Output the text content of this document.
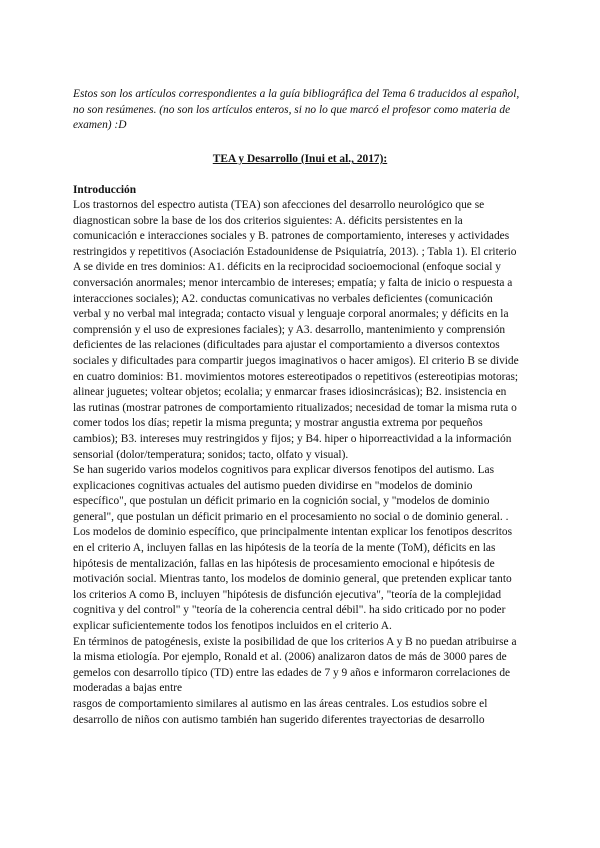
Estos son los artículos correspondientes a la guía bibliográfica del Tema 6 traducidos al español, no son resúmenes. (no son los artículos enteros, si no lo que marcó el profesor como materia de examen) :D
TEA y Desarrollo (Inui et al., 2017):
Introducción

Los trastornos del espectro autista (TEA) son afecciones del desarrollo neurológico que se diagnostican sobre la base de los dos criterios siguientes: A. déficits persistentes en la comunicación e interacciones sociales y B. patrones de comportamiento, intereses y actividades restringidos y repetitivos (Asociación Estadounidense de Psiquiatría, 2013). ; Tabla 1). El criterio A se divide en tres dominios: A1. déficits en la reciprocidad socioemocional (enfoque social y conversación anormales; menor intercambio de intereses; empatía; y falta de inicio o respuesta a interacciones sociales); A2. conductas comunicativas no verbales deficientes (comunicación verbal y no verbal mal integrada; contacto visual y lenguaje corporal anormales; y déficits en la comprensión y el uso de expresiones faciales); y A3. desarrollo, mantenimiento y comprensión deficientes de las relaciones (dificultades para ajustar el comportamiento a diversos contextos sociales y dificultades para compartir juegos imaginativos o hacer amigos). El criterio B se divide en cuatro dominios: B1. movimientos motores estereotipados o repetitivos (estereotipias motoras; alinear juguetes; voltear objetos; ecolalia; y enmarcar frases idiosincrásicas); B2. insistencia en las rutinas (mostrar patrones de comportamiento ritualizados; necesidad de tomar la misma ruta o comer todos los días; repetir la misma pregunta; y mostrar angustia extrema por pequeños cambios); B3. intereses muy restringidos y fijos; y B4. hiper o hiporreactividad a la información sensorial (dolor/temperatura; sonidos; tacto, olfato y visual).

Se han sugerido varios modelos cognitivos para explicar diversos fenotipos del autismo. Las explicaciones cognitivas actuales del autismo pueden dividirse en "modelos de dominio específico", que postulan un déficit primario en la cognición social, y "modelos de dominio general", que postulan un déficit primario en el procesamiento no social o de dominio general. . Los modelos de dominio específico, que principalmente intentan explicar los fenotipos descritos en el criterio A, incluyen fallas en las hipótesis de la teoría de la mente (ToM), déficits en las hipótesis de mentalización, fallas en las hipótesis de procesamiento emocional e hipótesis de motivación social. Mientras tanto, los modelos de dominio general, que pretenden explicar tanto los criterios A como B, incluyen "hipótesis de disfunción ejecutiva", "teoría de la complejidad cognitiva y del control" y "teoría de la coherencia central débil". ha sido criticado por no poder explicar suficientemente todos los fenotipos incluidos en el criterio A.

En términos de patogénesis, existe la posibilidad de que los criterios A y B no puedan atribuirse a la misma etiología. Por ejemplo, Ronald et al. (2006) analizaron datos de más de 3000 pares de gemelos con desarrollo típico (TD) entre las edades de 7 y 9 años e informaron correlaciones de moderadas a bajas entre

rasgos de comportamiento similares al autismo en las áreas centrales. Los estudios sobre el desarrollo de niños con autismo también han sugerido diferentes trayectorias de desarrollo
